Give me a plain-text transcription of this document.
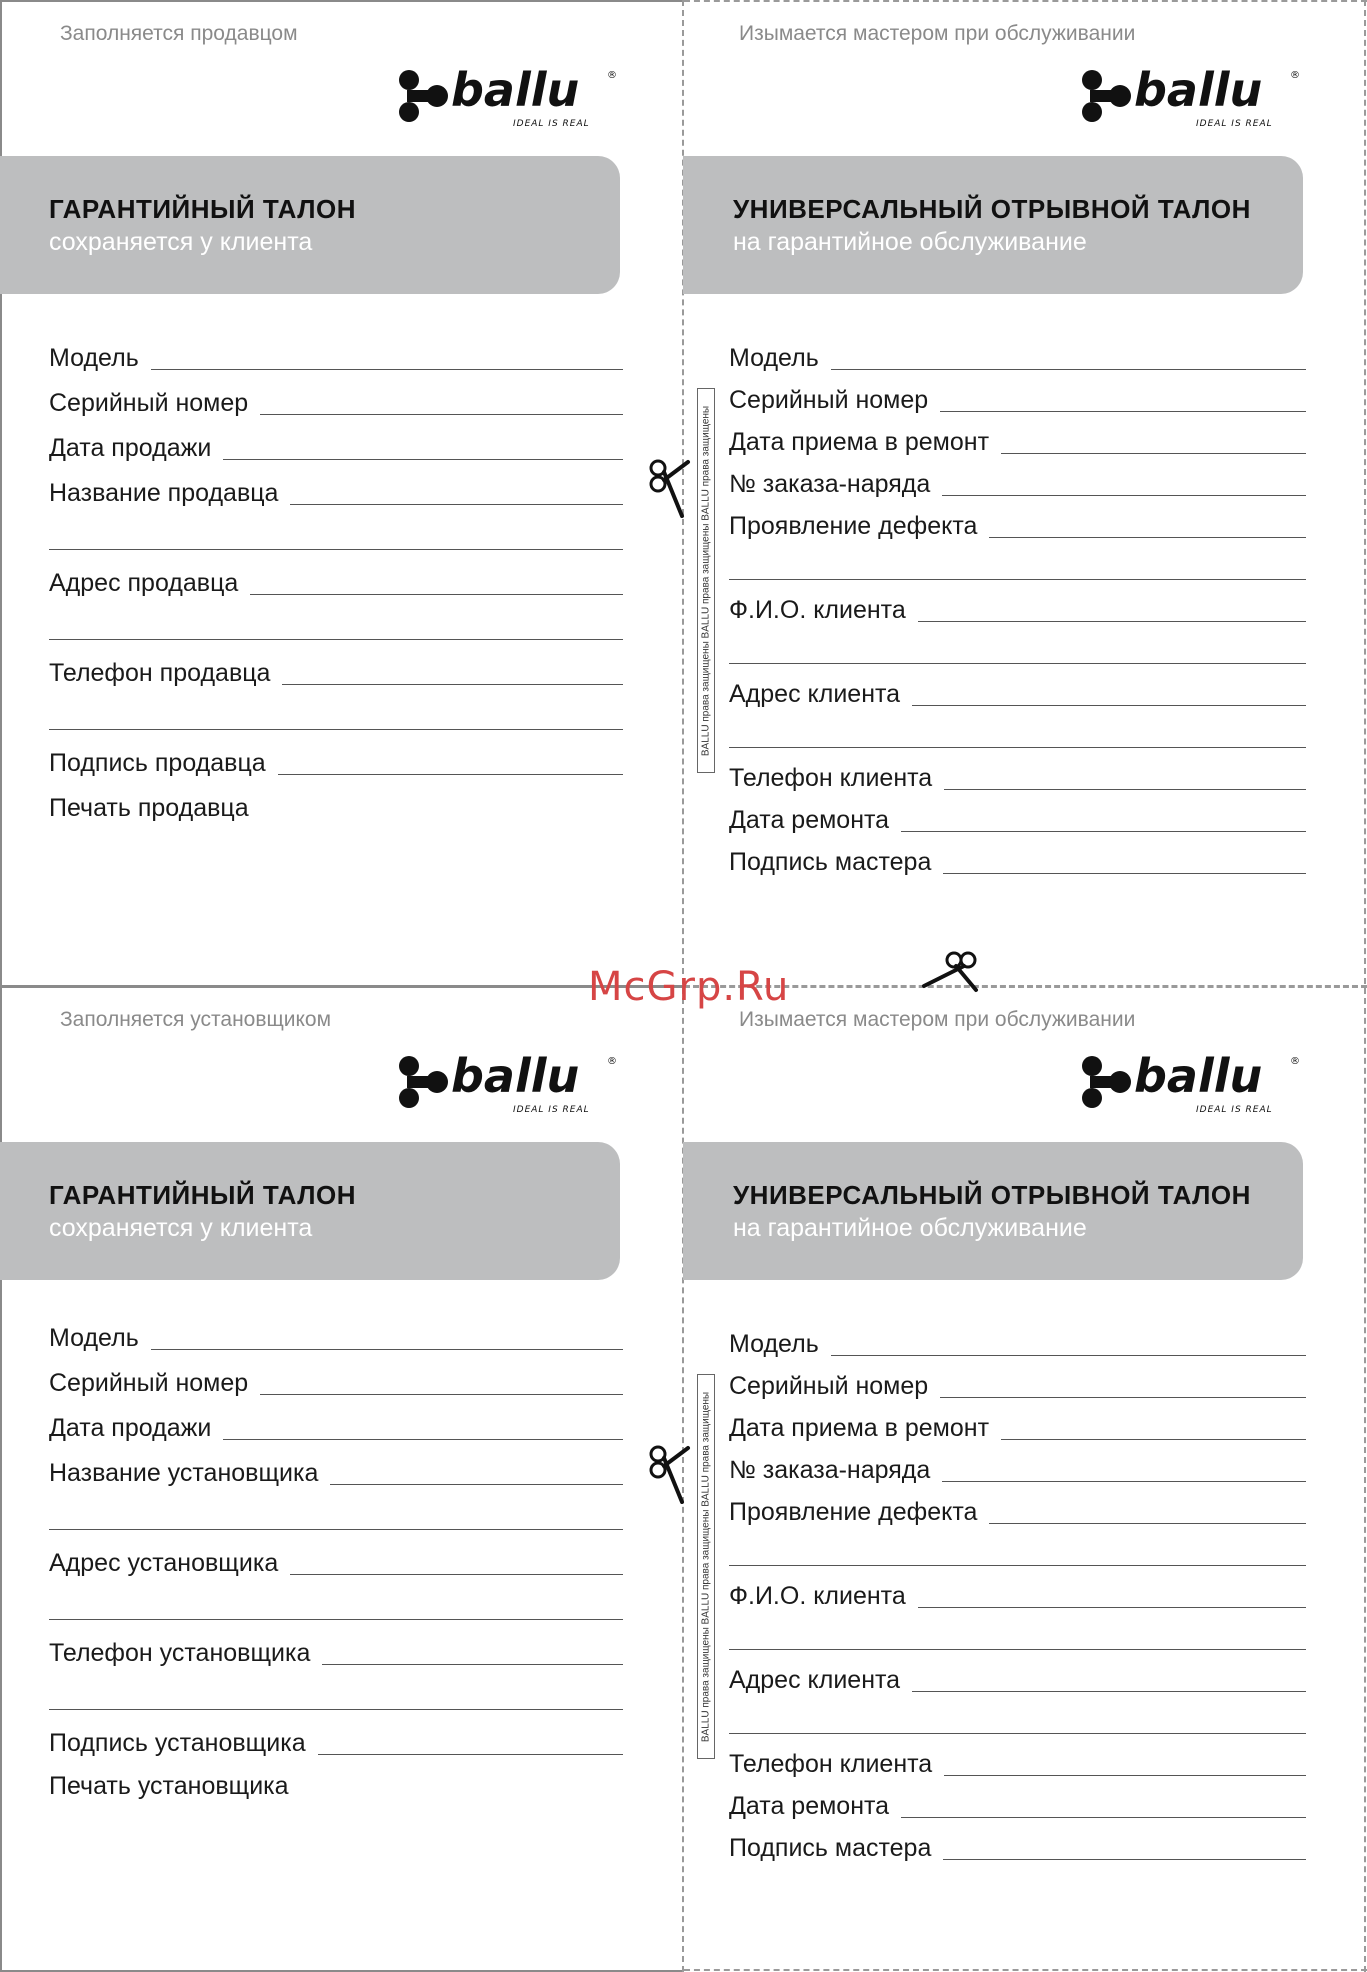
Заполняется продавцом
ballu	®
IDEAL IS REAL
ГАРАНТИЙНЫЙ ТАЛОН
сохраняется у клиента
Модель
Серийный номер
Дата продажи
Название продавца
Адрес продавца
Телефон продавца
Подпись продавца
Печать продавца
Изымается мастером при обслуживании
ballu	®
IDEAL IS REAL
УНИВЕРСАЛЬНЫЙ ОТРЫВНОЙ ТАЛОН
на гарантийное обслуживание
BALLU права защищены BALLU права защищены BALLU права защищены
Модель
Серийный номер
Дата приема в ремонт
№ заказа-наряда
Проявление дефекта
Ф.И.О. клиента
Адрес клиента
Телефон клиента
Дата ремонта
Подпись мастера
Заполняется установщиком
ballu	®
IDEAL IS REAL
ГАРАНТИЙНЫЙ ТАЛОН
сохраняется у клиента
Модель
Серийный номер
Дата продажи
Название установщика
Адрес установщика
Телефон установщика
Подпись установщика
Печать установщика
Изымается мастером при обслуживании
ballu	®
IDEAL IS REAL
УНИВЕРСАЛЬНЫЙ ОТРЫВНОЙ ТАЛОН
на гарантийное обслуживание
BALLU права защищены BALLU права защищены BALLU права защищены
Модель
Серийный номер
Дата приема в ремонт
№ заказа-наряда
Проявление дефекта
Ф.И.О. клиента
Адрес клиента
Телефон клиента
Дата ремонта
Подпись мастера
McGrp.Ru
